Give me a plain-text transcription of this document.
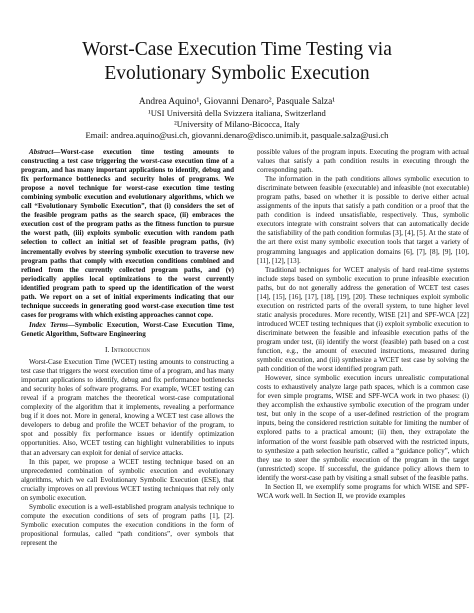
Worst-Case Execution Time Testing via
Evolutionary Symbolic Execution
Andrea Aquino¹, Giovanni Denaro², Pasquale Salza¹
¹USI Università della Svizzera italiana, Switzerland
²University of Milano-Bicocca, Italy
Email: andrea.aquino@usi.ch, giovanni.denaro@disco.unimib.it, pasquale.salza@usi.ch

Abstract—Worst-case execution time testing amounts to constructing a test case triggering the worst-case execution time of a program, and has many important applications to identify, debug and fix performance bottlenecks and security holes of programs. We propose a novel technique for worst-case execution time testing combining symbolic execution and evolutionary algorithms, which we call “Evolutionary Symbolic Execution”, that (i) considers the set of the feasible program paths as the search space, (ii) embraces the execution cost of the program paths as the fitness function to pursue the worst path, (iii) exploits symbolic execution with random path selection to collect an initial set of feasible program paths, (iv) incrementally evolves by steering symbolic execution to traverse new program paths that comply with execution conditions combined and refined from the currently collected program paths, and (v) periodically applies local optimizations to the worst currently identified program path to speed up the identification of the worst path. We report on a set of initial experiments indicating that our technique succeeds in generating good worst-case execution time test cases for programs with which existing approaches cannot cope.

Index Terms—Symbolic Execution, Worst-Case Execution Time, Genetic Algorithm, Software Engineering

I. Introduction

Worst-Case Execution Time (WCET) testing amounts to constructing a test case that triggers the worst execution time of a program, and has many important applications to identify, debug and fix performance bottlenecks and security holes of software programs. For example, WCET testing can reveal if a program matches the theoretical worst-case computational complexity of the algorithm that it implements, revealing a performance bug if it does not. More in general, knowing a WCET test case allows the developers to debug and profile the WCET behavior of the program, to spot and possibly fix performance issues or identify optimization opportunities. Also, WCET testing can highlight vulnerabilities to inputs that an adversary can exploit for denial of service attacks.

In this paper, we propose a WCET testing technique based on an unprecedented combination of symbolic execution and evolutionary algorithms, which we call Evolutionary Symbolic Execution (ESE), that crucially improves on all previous WCET testing techniques that rely only on symbolic execution.

Symbolic execution is a well-established program analysis technique to compute the execution conditions of sets of program paths [1], [2]. Symbolic execution computes the execution conditions in the form of propositional formulas, called “path conditions”, over symbols that represent the

possible values of the program inputs. Executing the program with actual values that satisfy a path condition results in executing through the corresponding path.

The information in the path conditions allows symbolic execution to discriminate between feasible (executable) and infeasible (not executable) program paths, based on whether it is possible to derive either actual assignments of the inputs that satisfy a path condition or a proof that the path condition is indeed unsatisfiable, respectively. Thus, symbolic executors integrate with constraint solvers that can automatically decide the satisfiability of the path condition formulas [3], [4], [5]. At the state of the art there exist many symbolic execution tools that target a variety of programming languages and application domains [6], [7], [8], [9], [10], [11], [12], [13].

Traditional techniques for WCET analysis of hard real-time systems include steps based on symbolic execution to prune infeasible execution paths, but do not generally address the generation of WCET test cases [14], [15], [16], [17], [18], [19], [20]. These techniques exploit symbolic execution on restricted parts of the overall system, to tune higher level static analysis procedures. More recently, WISE [21] and SPF-WCA [22] introduced WCET testing techniques that (i) exploit symbolic execution to discriminate between the feasible and infeasible execution paths of the program under test, (ii) identify the worst (feasible) path based on a cost function, e.g., the amount of executed instructions, measured during symbolic execution, and (iii) synthesize a WCET test case by solving the path condition of the worst identified program path.

However, since symbolic execution incurs unrealistic computational costs to exhaustively analyze large path spaces, which is a common case for even simple programs, WISE and SPF-WCA work in two phases: (i) they accomplish the exhaustive symbolic execution of the program under test, but only in the scope of a user-defined restriction of the program inputs, being the considered restriction suitable for limiting the number of explored paths to a practical amount; (ii) then, they extrapolate the information of the worst feasible path observed with the restricted inputs, to synthesize a path selection heuristic, called a “guidance policy”, which they use to steer the symbolic execution of the program in the target (unrestricted) scope. If successful, the guidance policy allows them to identify the worst-case path by visiting a small subset of the feasible paths.

In Section II, we exemplify some programs for which WISE and SPF-WCA work well. In Section II, we provide examples
